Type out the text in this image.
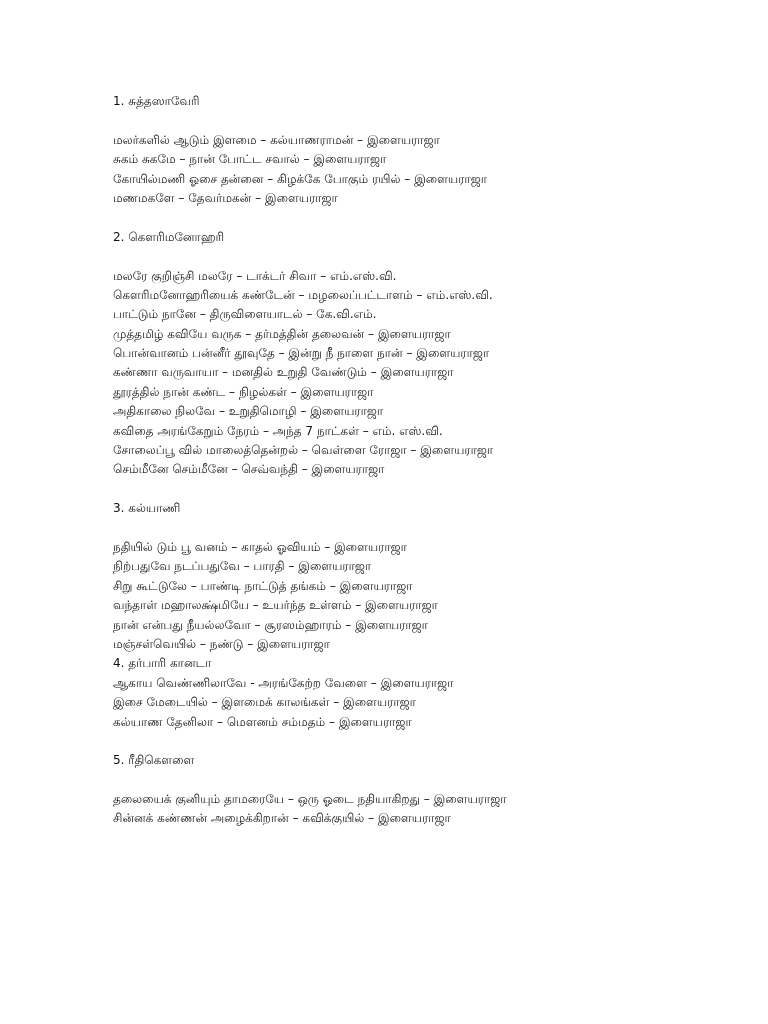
1. சுத்தஸாவேரி
மலர்களில் ஆடும் இளமை – கல்யாணராமன் – இளையராஜா
சுகம் சுகமே – நான் போட்ட சவால் – இளையராஜா
கோயில்மணி ஓசை தன்னை – கிழக்கே போகும் ரயில் – இளையராஜா
மணமகளே – தேவர்மகன் – இளையராஜா
2. கௌரிமனோஹரி
மலரே குறிஞ்சி மலரே – டாக்டர் சிவா – எம்.எஸ்.வி.
கௌரிமனோஹரியைக் கண்டேன் – மழலைப்பட்டாளம் – எம்.எஸ்.வி.
பாட்டும் நானே – திருவிளையாடல் – கே.வி.எம்.
முத்தமிழ் கவியே வருக – தர்மத்தின் தலைவன் – இளையராஜா
பொன்வானம் பன்னீர் தூவுதே – இன்று நீ நாளை நான் – இளையராஜா
கண்ணா வருவாயா – மனதில் உறுதி வேண்டும் – இளையராஜா
தூரத்தில் நான் கண்ட – நிழல்கள் – இளையராஜா
அதிகாலை நிலவே – உறுதிமொழி – இளையராஜா
கவிதை அரங்கேறும் நேரம் – அந்த 7 நாட்கள் – எம். எஸ்.வி.
சோலைப்பூ வில் மாலைத்தென்றல் – வெள்ளை ரோஜா – இளையராஜா
செம்மீனே செம்மீனே – செவ்வந்தி – இளையராஜா
3. கல்யாணி
நதியில் டும் பூ வனம் – காதல் ஓவியம் – இளையராஜா
நிற்பதுவே நடப்பதுவே – பாரதி – இளையராஜா
சிறு கூட்டுலே – பாண்டி நாட்டுத் தங்கம் – இளையராஜா
வந்தாள் மஹாலக்ஷ்மியே – உயர்ந்த உள்ளம் – இளையராஜா
நான் என்பது நீயல்லவோ – சூரஸம்ஹாரம் – இளையராஜா
மஞ்சள்வெயில் – நண்டு – இளையராஜா
4. தர்பாரி கானடா
ஆகாய வெண்ணிலாவே - அரங்கேற்ற வேளை – இளையராஜா
இசை மேடையில் – இளமைக் காலங்கள் – இளையராஜா
கல்யாண தேனிலா – மௌனம் சம்மதம் – இளையராஜா
5. ரீதிகௌளை
தலையைக் குனியும் தாமரையே – ஒரு ஓடை நதியாகிறது – இளையராஜா
சின்னக் கண்ணன் அழைக்கிறான் – கவிக்குயில் – இளையராஜா
